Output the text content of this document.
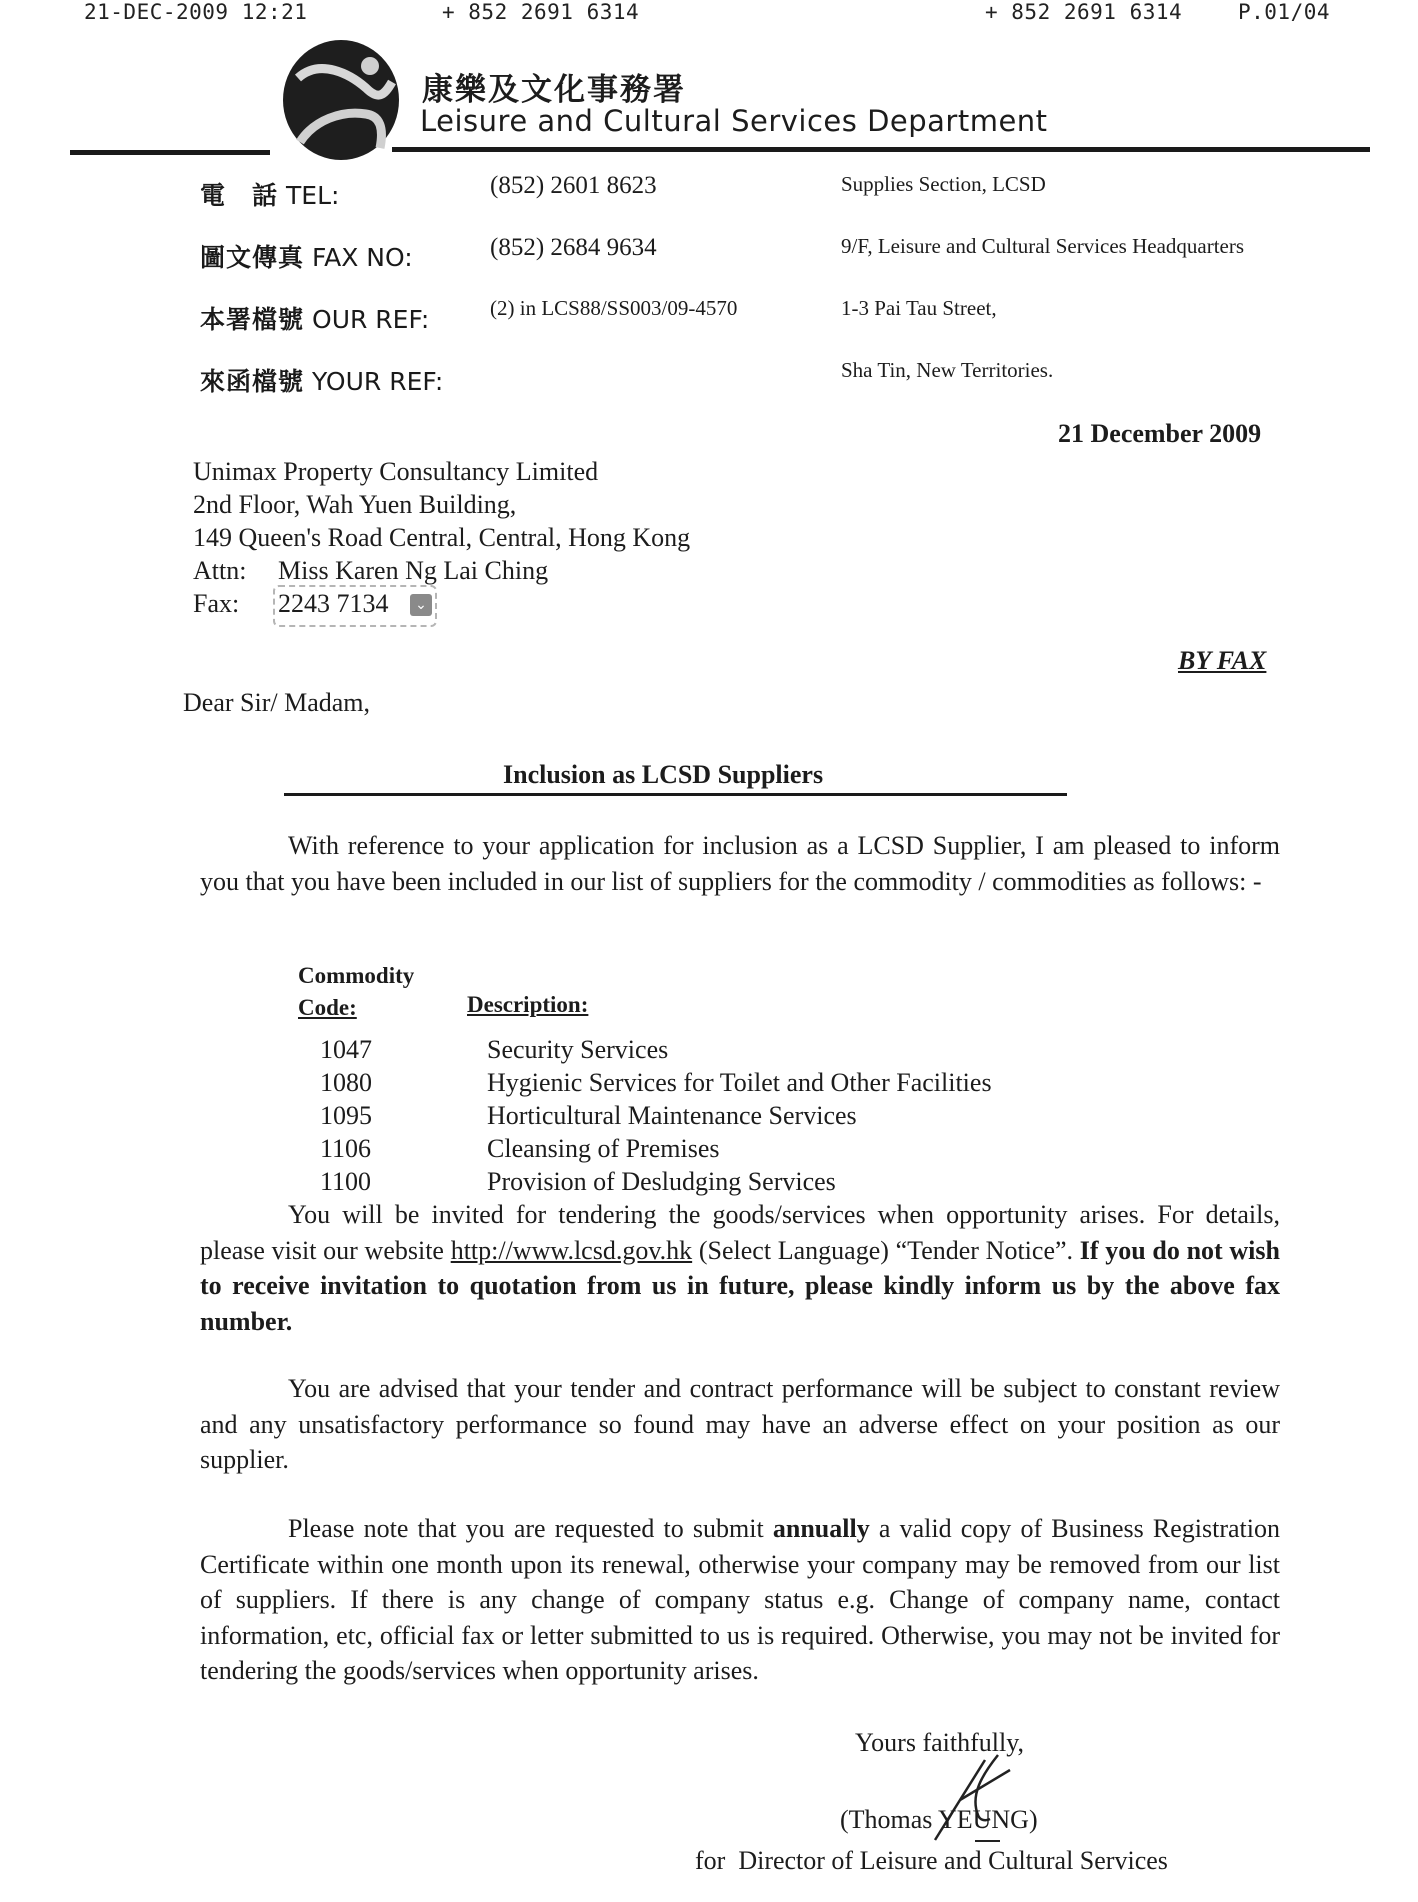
21-DEC-2009 12:21	+ 852 2691 6314	+ 852 2691 6314	P.01/04
康樂及文化事務署
Leisure and Cultural Services Department
電　話 TEL:	(852) 2601 8623
圖文傳真 FAX NO:	(852) 2684 9634
本署檔號 OUR REF:	(2) in LCS88/SS003/09-4570
來函檔號 YOUR REF:
Supplies Section, LCSD
9/F, Leisure and Cultural Services Headquarters
1-3 Pai Tau Street,
Sha Tin, New Territories.
21 December 2009
Unimax Property Consultancy Limited
2nd Floor, Wah Yuen Building,
149 Queen's Road Central, Central, Hong Kong
Attn: Miss Karen Ng Lai Ching
Fax: 2243 7134	⌄
BY FAX
Dear Sir/ Madam,
Inclusion as LCSD Suppliers
With reference to your application for inclusion as a LCSD Supplier, I am pleased to inform you that you have been included in our list of suppliers for the commodity / commodities as follows: -
Commodity
Code:	Description:
1047	Security Services
1080	Hygienic Services for Toilet and Other Facilities
1095	Horticultural Maintenance Services
1106	Cleansing of Premises
1100	Provision of Desludging Services
You will be invited for tendering the goods/services when opportunity arises. For details, please visit our website http://www.lcsd.gov.hk (Select Language) “Tender Notice”. If you do not wish to receive invitation to quotation from us in future, please kindly inform us by the above fax number.
You are advised that your tender and contract performance will be subject to constant review and any unsatisfactory performance so found may have an adverse effect on your position as our supplier.
Please note that you are requested to submit annually a valid copy of Business Registration Certificate within one month upon its renewal, otherwise your company may be removed from our list of suppliers. If there is any change of company status e.g. Change of company name, contact information, etc, official fax or letter submitted to us is required. Otherwise, you may not be invited for tendering the goods/services when opportunity arises.
Yours faithfully,
(Thomas YEUNG)
for  Director of Leisure and Cultural Services
